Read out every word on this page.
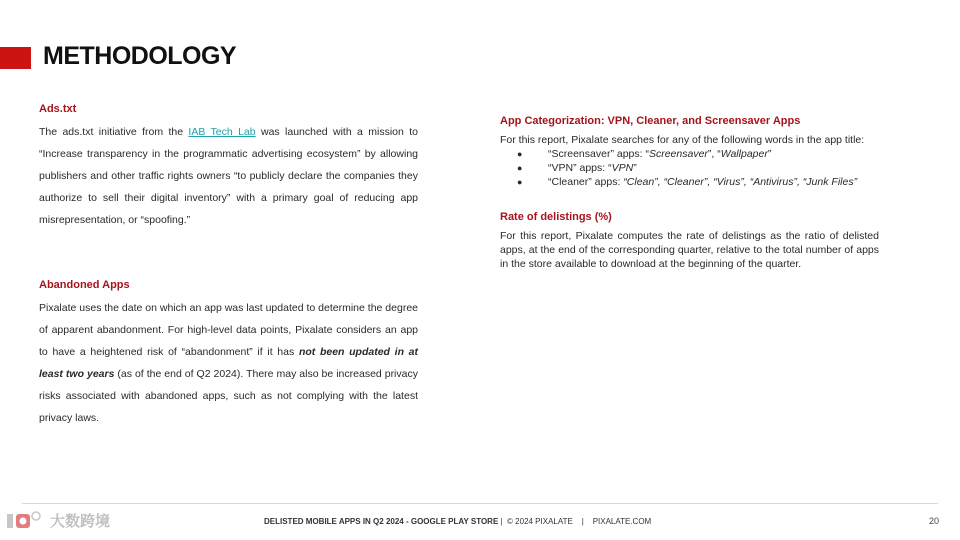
METHODOLOGY
Ads.txt

The ads.txt initiative from the IAB Tech Lab was launched with a mission to “Increase transparency in the programmatic advertising ecosystem” by allowing publishers and other traffic rights owners “to publicly declare the companies they authorize to sell their digital inventory” with a primary goal of reducing app misrepresentation, or “spoofing.”

Abandoned Apps

Pixalate uses the date on which an app was last updated to determine the degree of apparent abandonment. For high-level data points, Pixalate considers an app to have a heightened risk of “abandonment” if it has not been updated in at least two years (as of the end of Q2 2024). There may also be increased privacy risks associated with abandoned apps, such as not complying with the latest privacy laws.

App Categorization: VPN, Cleaner, and Screensaver Apps

For this report, Pixalate searches for any of the following words in the app title:

● “Screensaver” apps: “Screensaver”, “Wallpaper”
● “VPN” apps: “VPN”
● “Cleaner” apps: “Clean”, “Cleaner”, “Virus”, “Antivirus”, “Junk Files”
Rate of delistings (%)

For this report, Pixalate computes the rate of delistings as the ratio of delisted apps, at the end of the corresponding quarter, relative to the total number of apps in the store available to download at the beginning of the quarter.

大数跨境	DELISTED MOBILE APPS IN Q2 2024 - GOOGLE PLAY STORE | © 2024 PIXALATE | PIXALATE.COM	20
